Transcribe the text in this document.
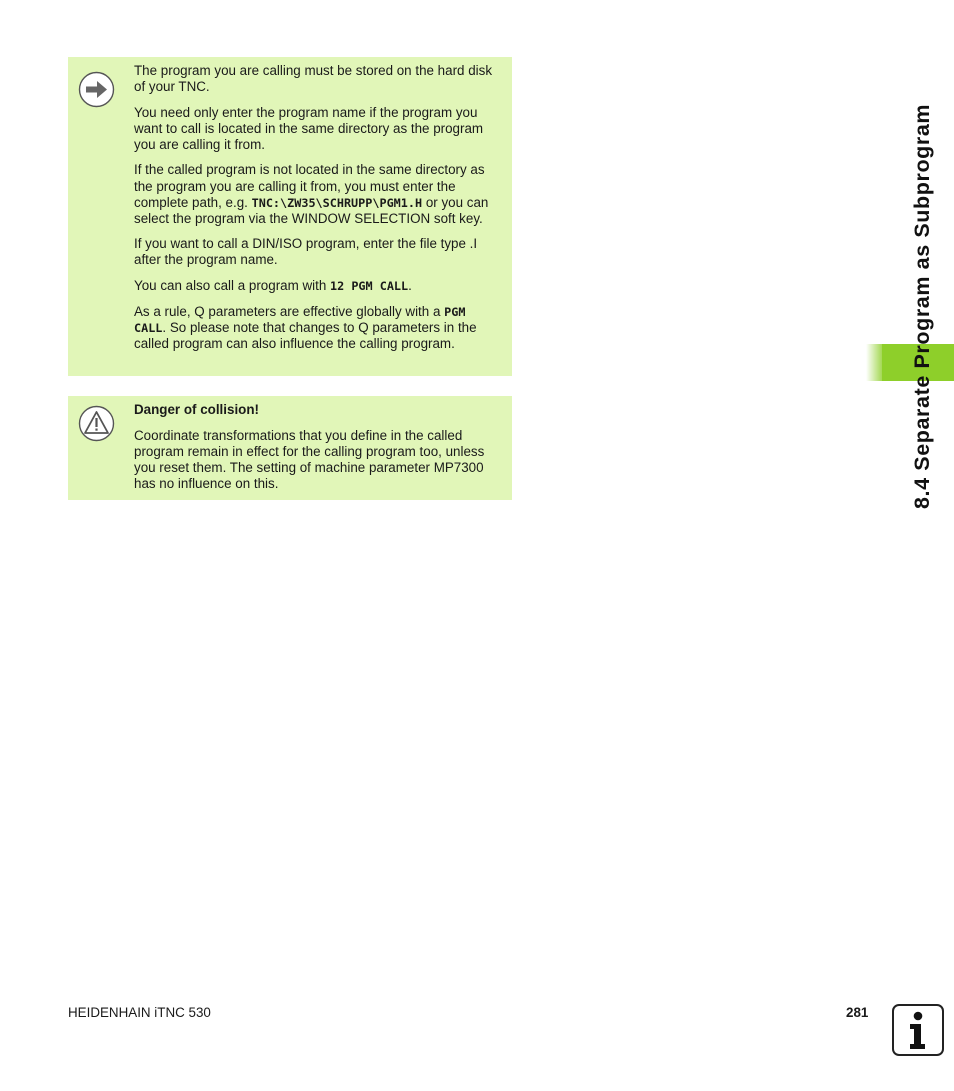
The program you are calling must be stored on the hard disk of your TNC.

You need only enter the program name if the program you want to call is located in the same directory as the program you are calling it from.

If the called program is not located in the same directory as the program you are calling it from, you must enter the complete path, e.g. TNC:\ZW35\SCHRUPP\PGM1.H or you can select the program via the WINDOW SELECTION soft key.

If you want to call a DIN/ISO program, enter the file type .I after the program name.

You can also call a program with 12 PGM CALL.

As a rule, Q parameters are effective globally with a PGM CALL. So please note that changes to Q parameters in the called program can also influence the calling program.

Danger of collision!

Coordinate transformations that you define in the called program remain in effect for the calling program too, unless you reset them. The setting of machine parameter MP7300 has no influence on this.	8.4 Separate Program as Subprogram
HEIDENHAIN iTNC 530	281
